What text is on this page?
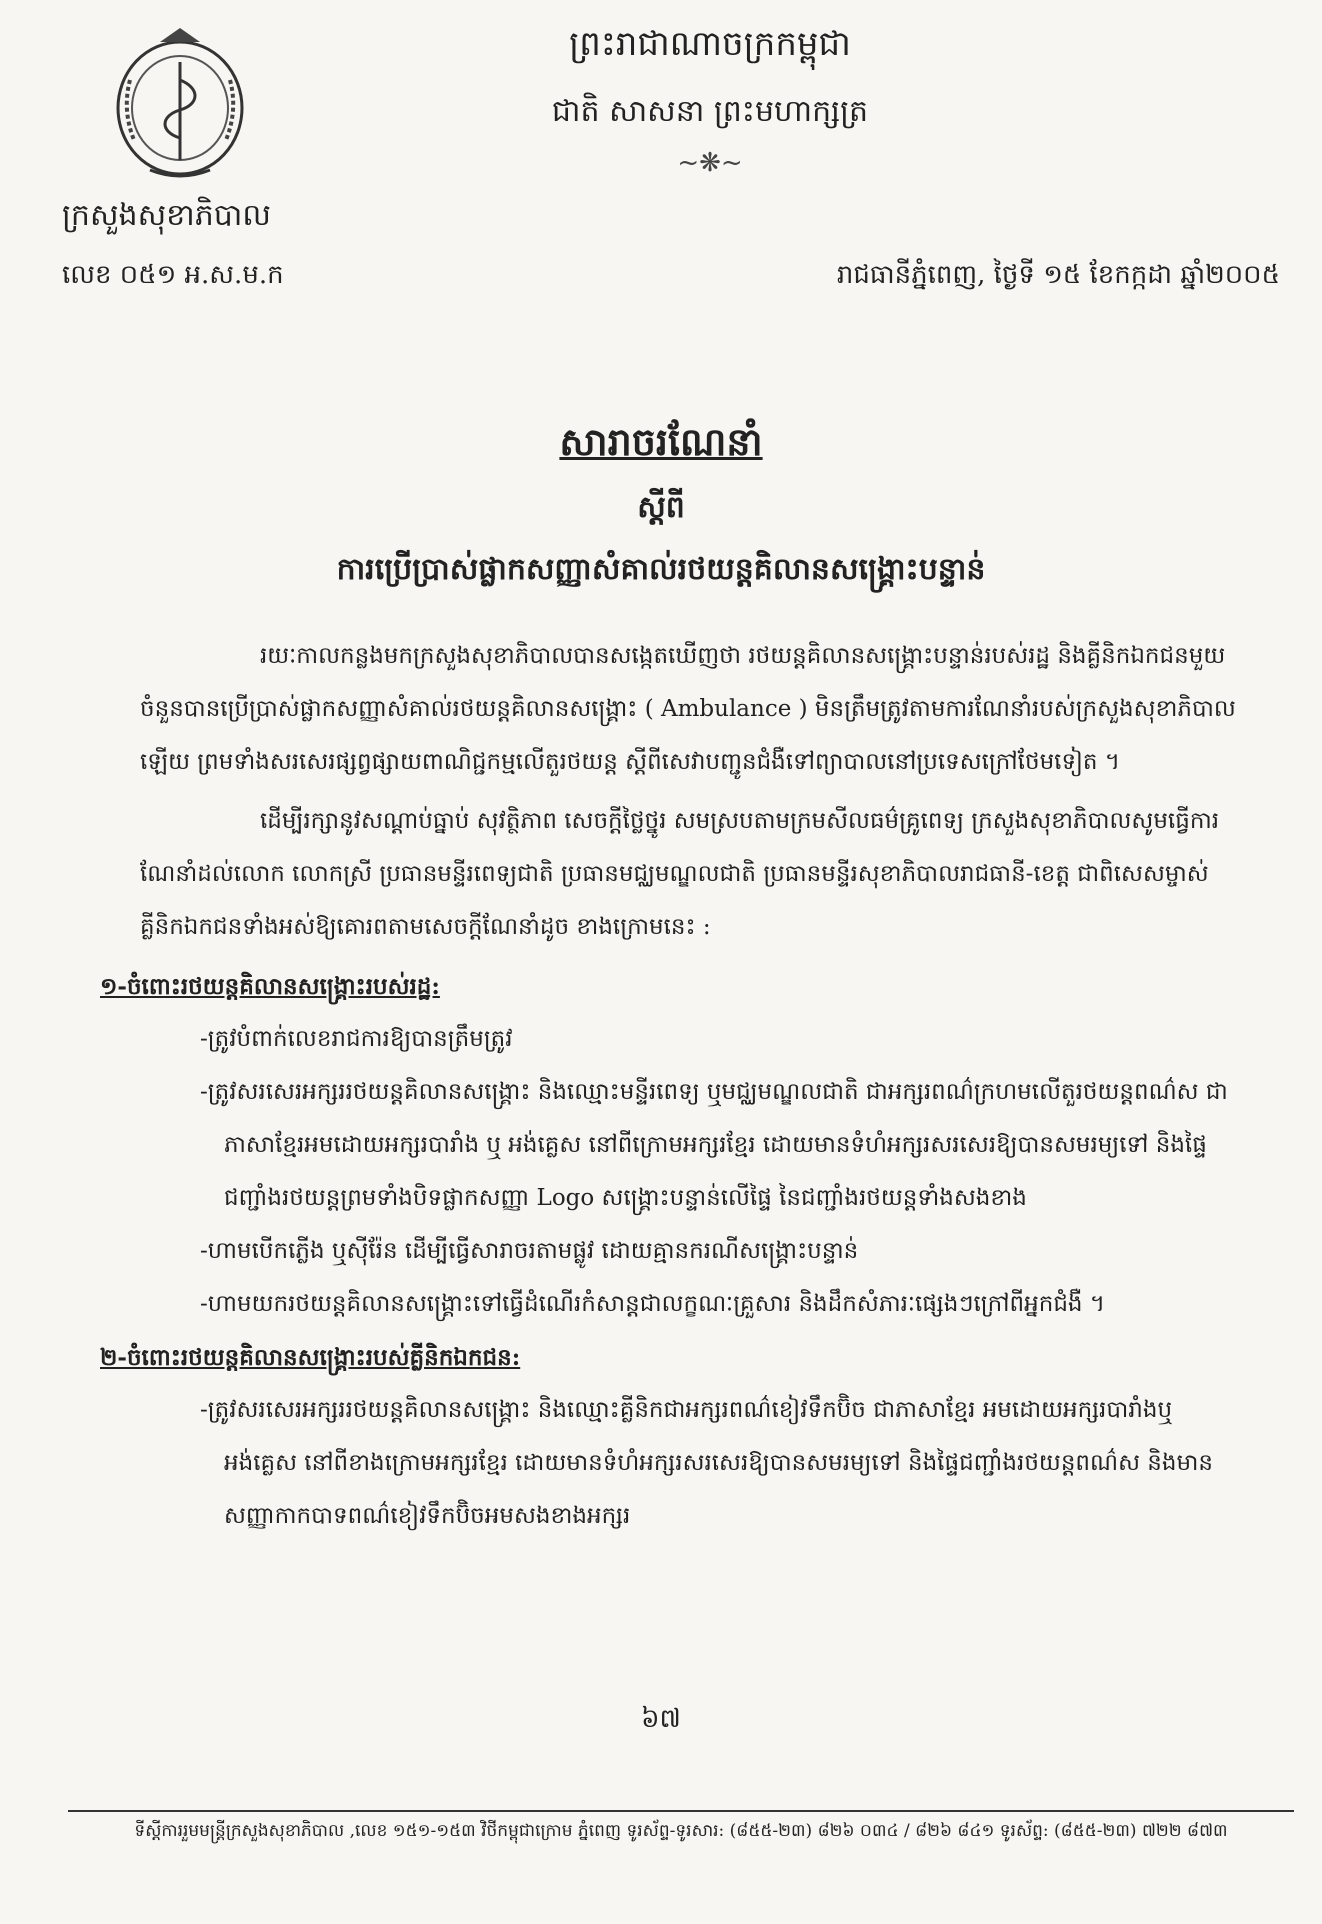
ព្រះរាជាណាចក្រកម្ពុជា
ជាតិ សាសនា ព្រះមហាក្សត្រ
~❋~
ក្រសួងសុខាភិបាល
លេខ ០៥១ អ.ស.ម.ក	រាជធានីភ្នំពេញ, ថ្ងៃទី ១៥ ខែកក្កដា ឆ្នាំ២០០៥
សារាចរណែនាំ
ស្តីពី
ការប្រើប្រាស់ផ្លាកសញ្ញាសំគាល់រថយន្តគិលានសង្គ្រោះបន្ទាន់

រយៈកាលកន្លងមកក្រសួងសុខាភិបាលបានសង្កេតឃើញថា រថយន្តគិលានសង្គ្រោះបន្ទាន់របស់រដ្ឋ និងគ្លីនិកឯកជនមួយចំនួនបានប្រើប្រាស់ផ្លាកសញ្ញាសំគាល់រថយន្តគិលានសង្គ្រោះ ( Ambulance ) មិនត្រឹមត្រូវតាមការណែនាំរបស់ក្រសួងសុខាភិបាលឡើយ ព្រមទាំងសរសេរផ្សព្វផ្សាយពាណិជ្ជកម្មលើតួរថយន្ត ស្តីពីសេវាបញ្ជូនជំងឺទៅព្យាបាលនៅប្រទេសក្រៅថែមទៀត ។

ដើម្បីរក្សានូវសណ្តាប់ធ្នាប់ សុវត្ថិភាព សេចក្តីថ្លៃថ្នូរ សមស្របតាមក្រមសីលធម៌គ្រូពេទ្យ ក្រសួងសុខាភិបាលសូមធ្វើការណែនាំដល់លោក លោកស្រី ប្រធានមន្ទីរពេទ្យជាតិ ប្រធានមជ្ឈមណ្ឌលជាតិ ប្រធានមន្ទីរសុខាភិបាលរាជធានី-ខេត្ត ជាពិសេសម្ចាស់គ្លីនិកឯកជនទាំងអស់ឱ្យគោរពតាមសេចក្តីណែនាំដូច ខាងក្រោមនេះ :

១-ចំពោះរថយន្តគិលានសង្គ្រោះរបស់រដ្ឋ:

-ត្រូវបំពាក់លេខរាជការឱ្យបានត្រឹមត្រូវ

-ត្រូវសរសេរអក្សររថយន្តគិលានសង្គ្រោះ និងឈ្មោះមន្ទីរពេទ្យ ឬមជ្ឈមណ្ឌលជាតិ ជាអក្សរពណ៌ក្រហមលើតួរថយន្តពណ៌ស ជាភាសាខ្មែរអមដោយអក្សរបារាំង ឬ អង់គ្លេស នៅពីក្រោមអក្សរខ្មែរ ដោយមានទំហំអក្សរសរសេរឱ្យបានសមរម្យទៅ និងផ្ទៃជញ្ជាំងរថយន្តព្រមទាំងបិទផ្លាកសញ្ញា Logo សង្គ្រោះបន្ទាន់លើផ្ទៃ នៃជញ្ជាំងរថយន្តទាំងសងខាង

-ហាមបើកភ្លើង ឬស៊ីរ៉ែន ដើម្បីធ្វើសារាចរតាមផ្លូវ ដោយគ្មានករណីសង្គ្រោះបន្ទាន់

-ហាមយករថយន្តគិលានសង្គ្រោះទៅធ្វើដំណើរកំសាន្តជាលក្ខណៈគ្រួសារ និងដឹកសំភារៈផ្សេងៗក្រៅពីអ្នកជំងឺ ។

២-ចំពោះរថយន្តគិលានសង្គ្រោះរបស់គ្លីនិកឯកជន:

-ត្រូវសរសេរអក្សររថយន្តគិលានសង្គ្រោះ និងឈ្មោះគ្លីនិកជាអក្សរពណ៌ខៀវទឹកប៊ិច ជាភាសាខ្មែរ អមដោយអក្សរបារាំងឬអង់គ្លេស នៅពីខាងក្រោមអក្សរខ្មែរ ដោយមានទំហំអក្សរសរសេរឱ្យបានសមរម្យទៅ និងផ្ទៃជញ្ជាំងរថយន្តពណ៌ស និងមានសញ្ញាកាកបាទពណ៌ខៀវទឹកប៊ិចអមសងខាងអក្សរ

៦៧
ទីស្តីការរួមមន្ត្រីក្រសួងសុខាភិបាល ,លេខ ១៥១-១៥៣ វិថីកម្ពុជាក្រោម ភ្នំពេញ ទូរស័ព្ទ-ទូរសារ: (៨៥៥-២៣) ៨២៦ ០៣៤ / ៨២៦ ៨៤១ ទូរស័ព្ទ: (៨៥៥-២៣) ៧២២ ៨៧៣
